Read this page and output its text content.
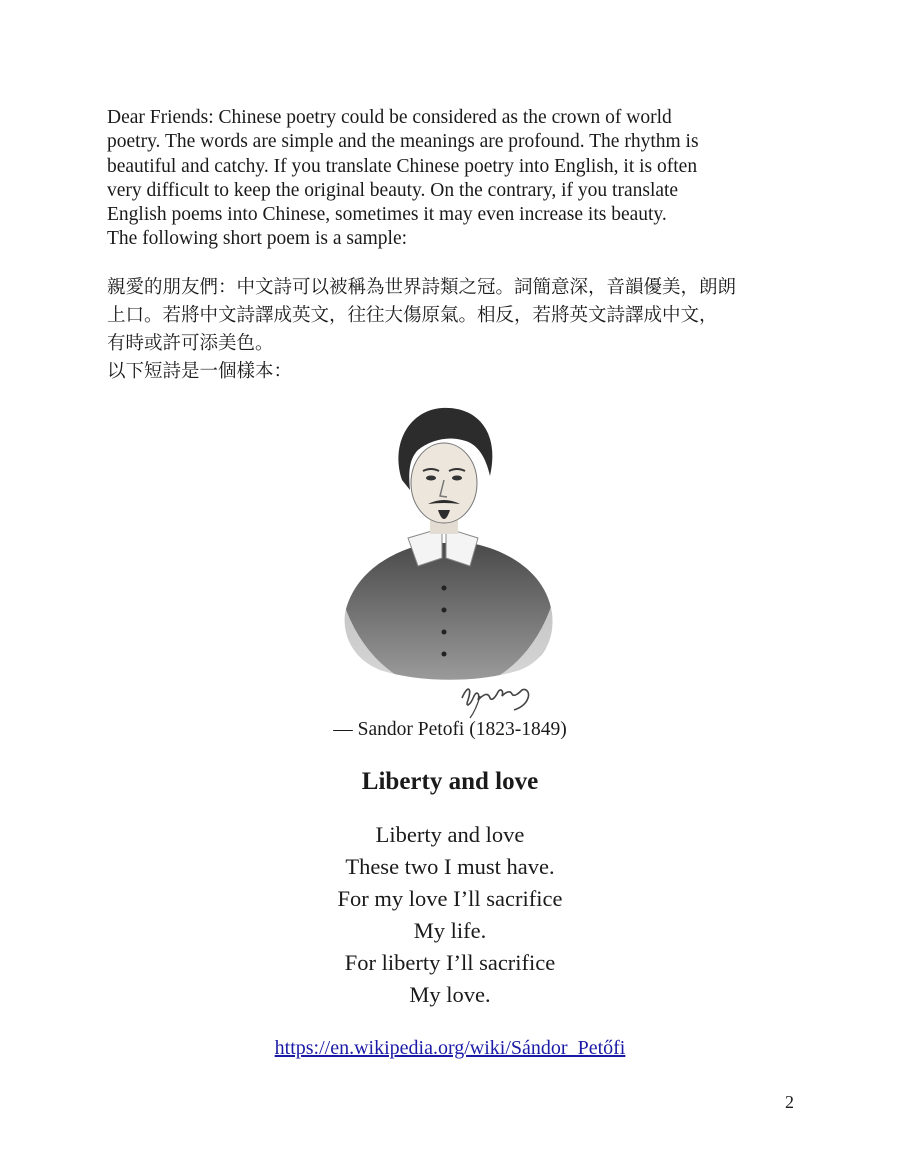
Dear Friends: Chinese poetry could be considered as the crown of world
poetry. The words are simple and the meanings are profound. The rhythm is
beautiful and catchy. If you translate Chinese poetry into English, it is often
very difficult to keep the original beauty. On the contrary, if you translate
English poems into Chinese, sometimes it may even increase its beauty.
The following short poem is a sample:
親愛的朋友們：中文詩可以被稱為世界詩類之冠。詞簡意深，音韻優美，朗朗
上口。若將中文詩譯成英文，往往大傷原氣。相反，若將英文詩譯成中文，
有時或許可添美色。
以下短詩是一個樣本：
— Sandor Petofi (1823-1849)
Liberty and love
Liberty and love
These two I must have.
For my love I’ll sacrifice
My life.
For liberty I’ll sacrifice
My love.
https://en.wikipedia.org/wiki/Sándor_Petőfi
2
